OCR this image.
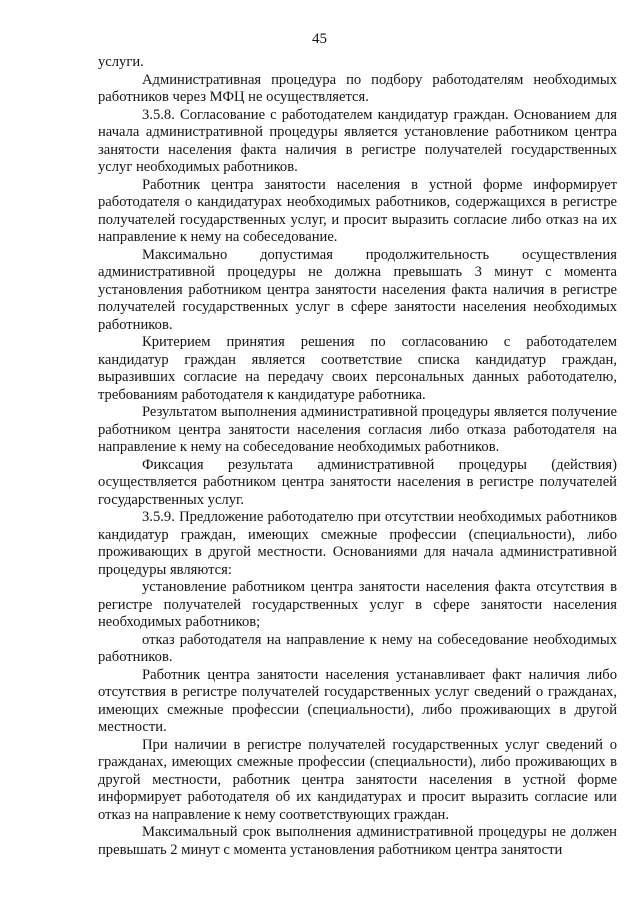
45

услуги.

Административная процедура по подбору работодателям необходимых работников через МФЦ не осуществляется.

3.5.8. Согласование с работодателем кандидатур граждан. Основанием для начала административной процедуры является установление работником центра занятости населения факта наличия в регистре получателей государственных услуг необходимых работников.

Работник центра занятости населения в устной форме информирует работодателя о кандидатурах необходимых работников, содержащихся в регистре получателей государственных услуг, и просит выразить согласие либо отказ на их направление к нему на собеседование.

Максимально допустимая продолжительность осуществления административной процедуры не должна превышать 3 минут с момента установления работником центра занятости населения факта наличия в регистре получателей государственных услуг в сфере занятости населения необходимых работников.

Критерием принятия решения по согласованию с работодателем кандидатур граждан является соответствие списка кандидатур граждан, выразивших согласие на передачу своих персональных данных работодателю, требованиям работодателя к кандидатуре работника.

Результатом выполнения административной процедуры является получение работником центра занятости населения согласия либо отказа работодателя на направление к нему на собеседование необходимых работников.

Фиксация результата административной процедуры (действия) осуществляется работником центра занятости населения в регистре получателей государственных услуг.

3.5.9. Предложение работодателю при отсутствии необходимых работников кандидатур граждан, имеющих смежные профессии (специальности), либо проживающих в другой местности. Основаниями для начала административной процедуры являются:

установление работником центра занятости населения факта отсутствия в регистре получателей государственных услуг в сфере занятости населения необходимых работников;

отказ работодателя на направление к нему на собеседование необходимых работников.

Работник центра занятости населения устанавливает факт наличия либо отсутствия в регистре получателей государственных услуг сведений о гражданах, имеющих смежные профессии (специальности), либо проживающих в другой местности.

При наличии в регистре получателей государственных услуг сведений о гражданах, имеющих смежные профессии (специальности), либо проживающих в другой местности, работник центра занятости населения в устной форме информирует работодателя об их кандидатурах и просит выразить согласие или отказ на направление к нему соответствующих граждан.

Максимальный срок выполнения административной процедуры не должен превышать 2 минут с момента установления работником центра занятости
